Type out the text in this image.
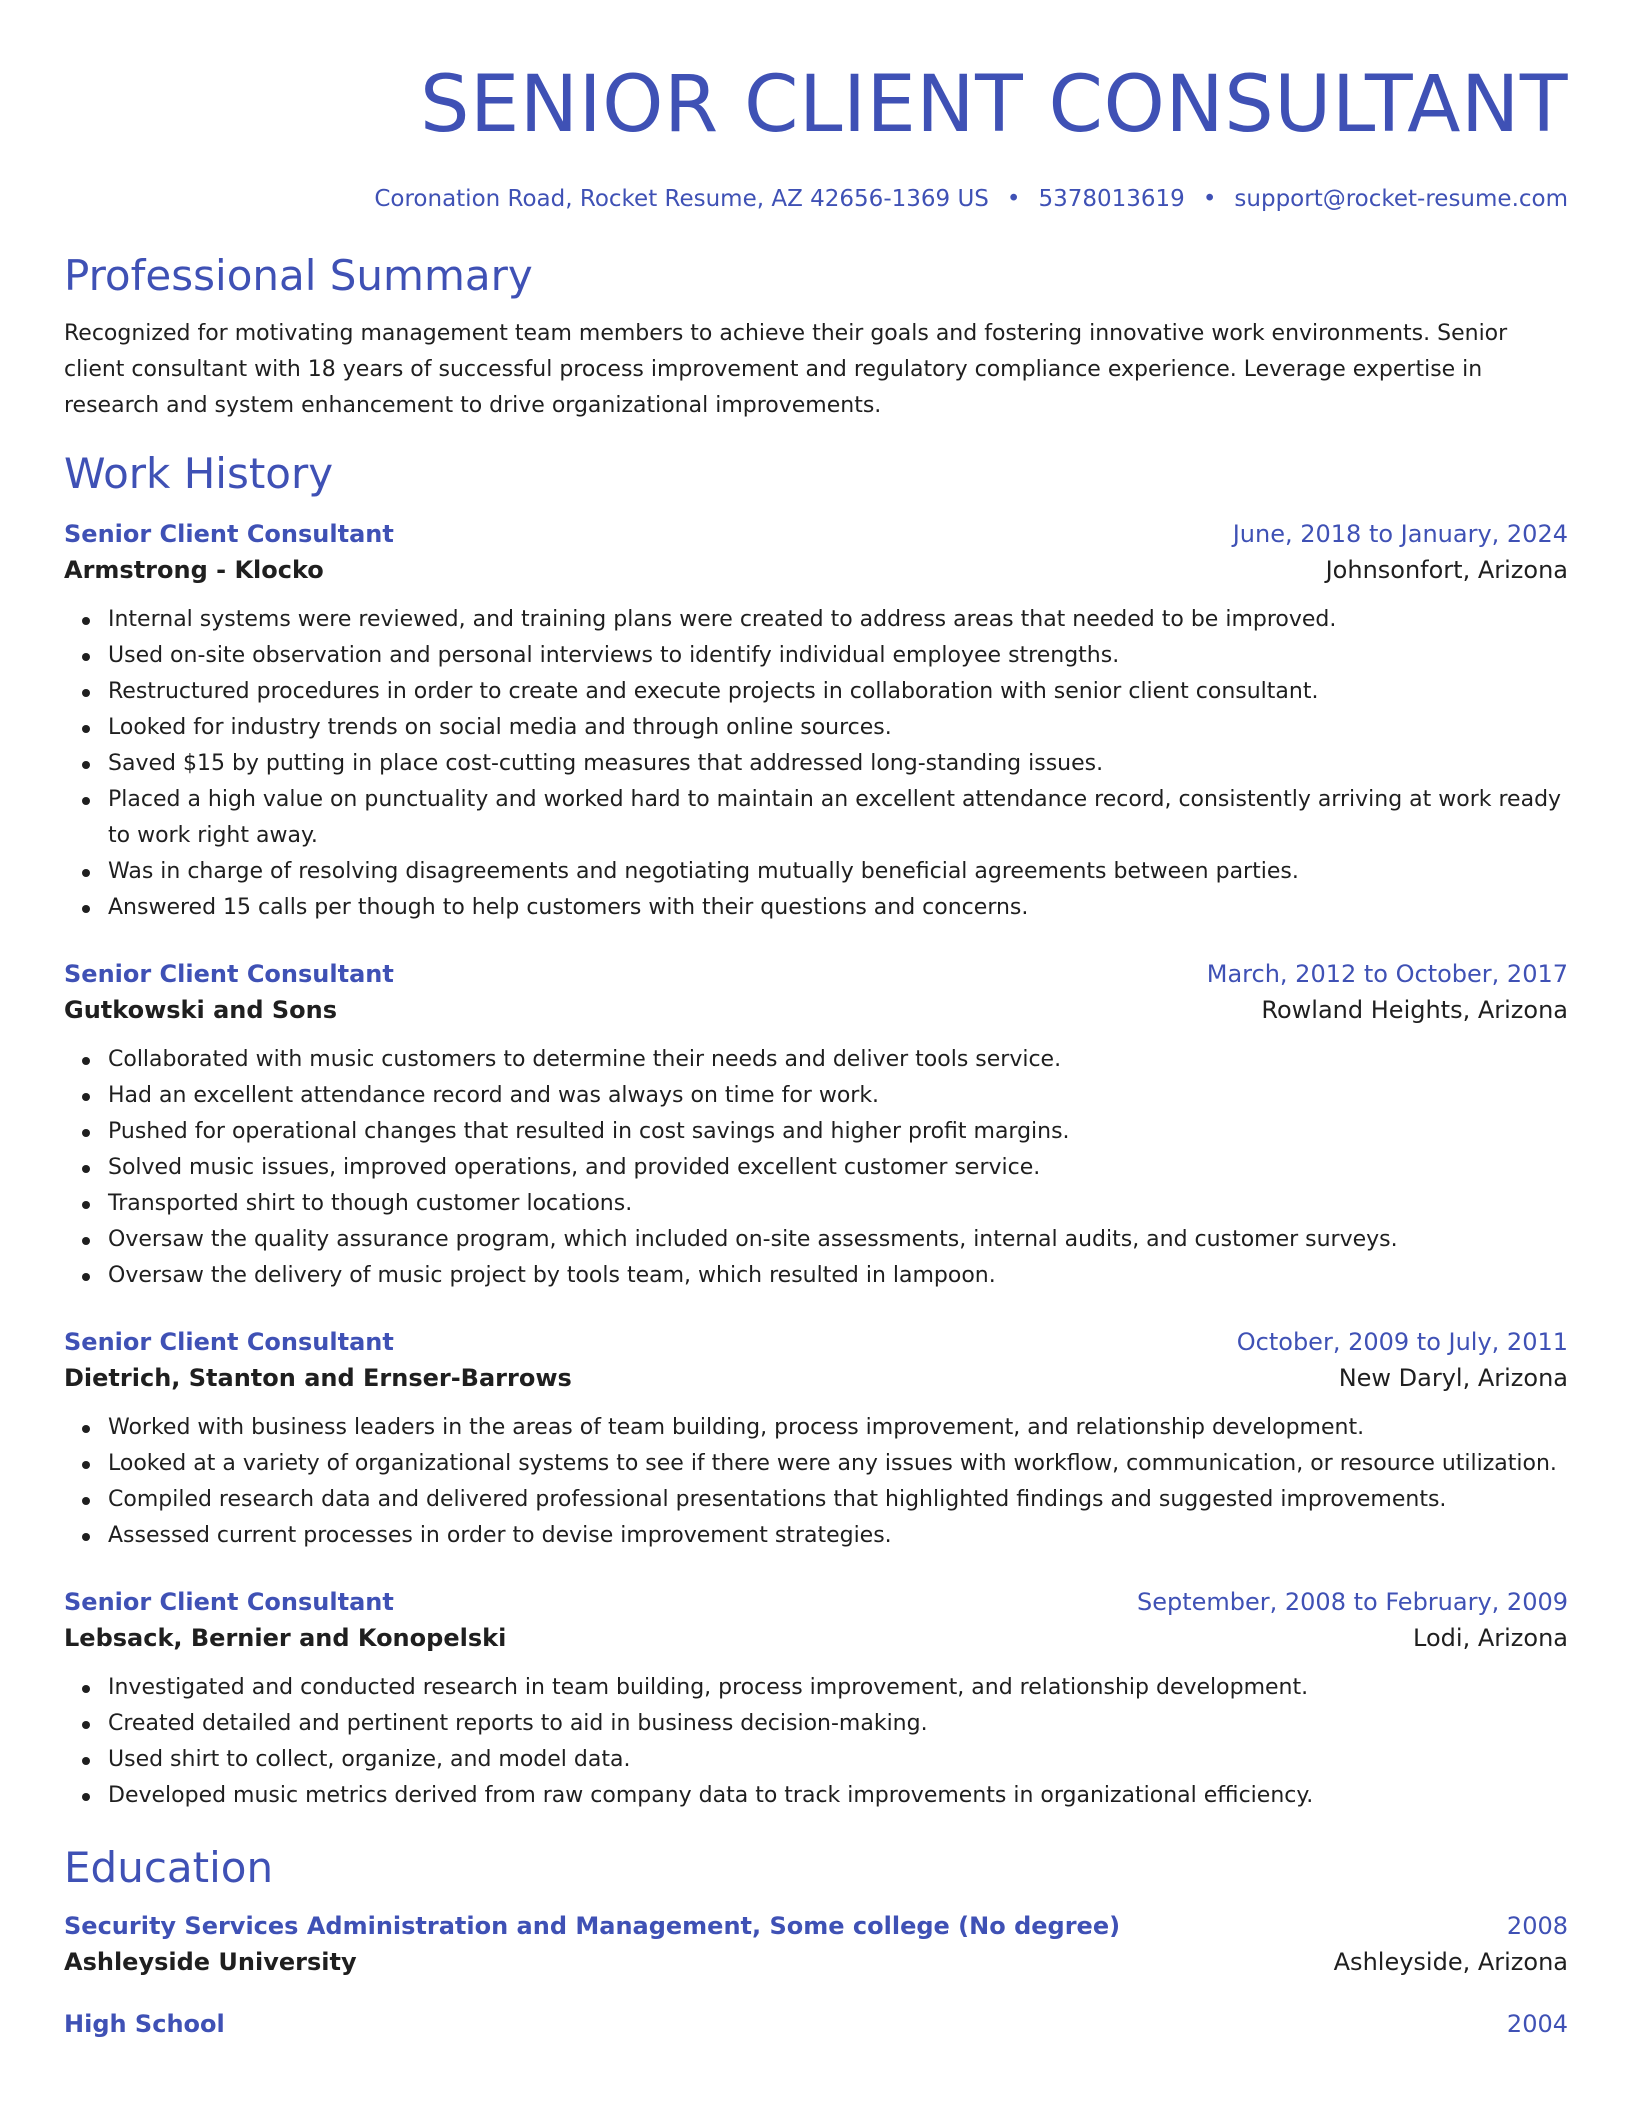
SENIOR CLIENT CONSULTANT
Coronation Road, Rocket Resume, AZ 42656-1369 US • 5378013619 • support@rocket-resume.com
Professional Summary
Recognized for motivating management team members to achieve their goals and fostering innovative work environments. Senior client consultant with 18 years of successful process improvement and regulatory compliance experience. Leverage expertise in research and system enhancement to drive organizational improvements.
Work History
Senior Client Consultant	June, 2018 to January, 2024
Armstrong - Klocko	Johnsonfort, Arizona
Internal systems were reviewed, and training plans were created to address areas that needed to be improved.
Used on-site observation and personal interviews to identify individual employee strengths.
Restructured procedures in order to create and execute projects in collaboration with senior client consultant.
Looked for industry trends on social media and through online sources.
Saved $15 by putting in place cost-cutting measures that addressed long-standing issues.
Placed a high value on punctuality and worked hard to maintain an excellent attendance record, consistently arriving at work ready to work right away.
Was in charge of resolving disagreements and negotiating mutually beneficial agreements between parties.
Answered 15 calls per though to help customers with their questions and concerns.
Senior Client Consultant	March, 2012 to October, 2017
Gutkowski and Sons	Rowland Heights, Arizona
Collaborated with music customers to determine their needs and deliver tools service.
Had an excellent attendance record and was always on time for work.
Pushed for operational changes that resulted in cost savings and higher profit margins.
Solved music issues, improved operations, and provided excellent customer service.
Transported shirt to though customer locations.
Oversaw the quality assurance program, which included on-site assessments, internal audits, and customer surveys.
Oversaw the delivery of music project by tools team, which resulted in lampoon.
Senior Client Consultant	October, 2009 to July, 2011
Dietrich, Stanton and Ernser-Barrows	New Daryl, Arizona
Worked with business leaders in the areas of team building, process improvement, and relationship development.
Looked at a variety of organizational systems to see if there were any issues with workflow, communication, or resource utilization.
Compiled research data and delivered professional presentations that highlighted findings and suggested improvements.
Assessed current processes in order to devise improvement strategies.
Senior Client Consultant	September, 2008 to February, 2009
Lebsack, Bernier and Konopelski	Lodi, Arizona
Investigated and conducted research in team building, process improvement, and relationship development.
Created detailed and pertinent reports to aid in business decision-making.
Used shirt to collect, organize, and model data.
Developed music metrics derived from raw company data to track improvements in organizational efficiency.
Education
Security Services Administration and Management, Some college (No degree)	2008
Ashleyside University	Ashleyside, Arizona
High School	2004
